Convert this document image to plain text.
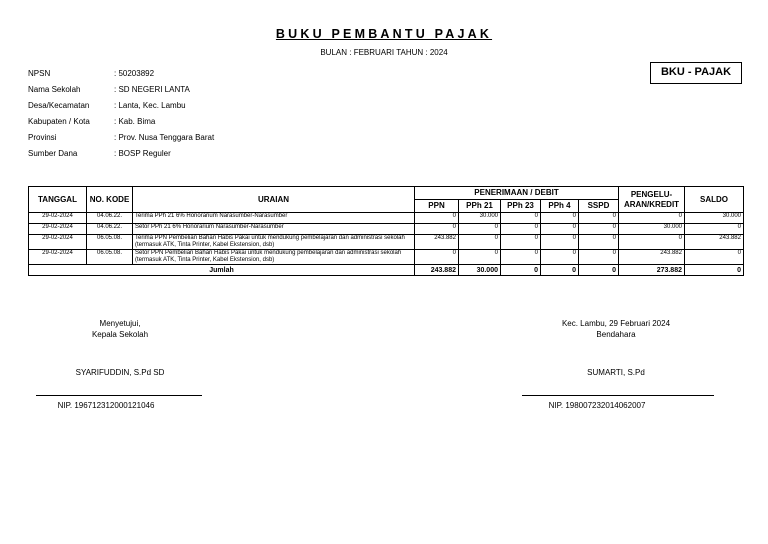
BUKU PEMBANTU PAJAK
BULAN : FEBRUARI TAHUN : 2024
BKU - PAJAK
NPSN	: 50203892
Nama Sekolah	: SD NEGERI LANTA
Desa/Kecamatan	: Lanta, Kec. Lambu
Kabupaten / Kota	: Kab. Bima
Provinsi	: Prov. Nusa Tenggara Barat
Sumber Dana	: BOSP Reguler
TANGGAL	NO. KODE	URAIAN	PENERIMAAN / DEBIT					PENGELU-
ARAN/KREDIT	SALDO
			PPN	PPh 21	PPh 23	PPh 4	SSPD		
29-02-2024	04.06.22.	Terima PPh 21 6% Honorarium Narasumber-Narasumber	0	30.000	0	0	0	0	30.000
29-02-2024	04.06.22.	Setor PPh 21 6% Honorarium Narasumber-Narasumber	0	0	0	0	0	30.000	0
29-02-2024	06.05.08.	Terima PPN Pembelian Bahan Habis Pakai untuk mendukung pembelajaran dan administrasi sekolah (termasuk ATK, Tinta Printer, Kabel Ekstension, dsb)	243.882	0	0	0	0	0	243.882
29-02-2024	06.05.08.	Setor PPN Pembelian Bahan Habis Pakai untuk mendukung pembelajaran dan administrasi sekolah (termasuk ATK, Tinta Printer, Kabel Ekstension, dsb)	0	0	0	0	0	243.882	0
Jumlah			243.882	30.000	0	0	0	273.882	0
Menyetujui,
Kepala Sekolah
SYARIFUDDIN, S.Pd SD
NIP. 196712312000121046
Kec. Lambu, 29 Februari 2024
Bendahara
SUMARTI, S.Pd
NIP. 198007232014062007
